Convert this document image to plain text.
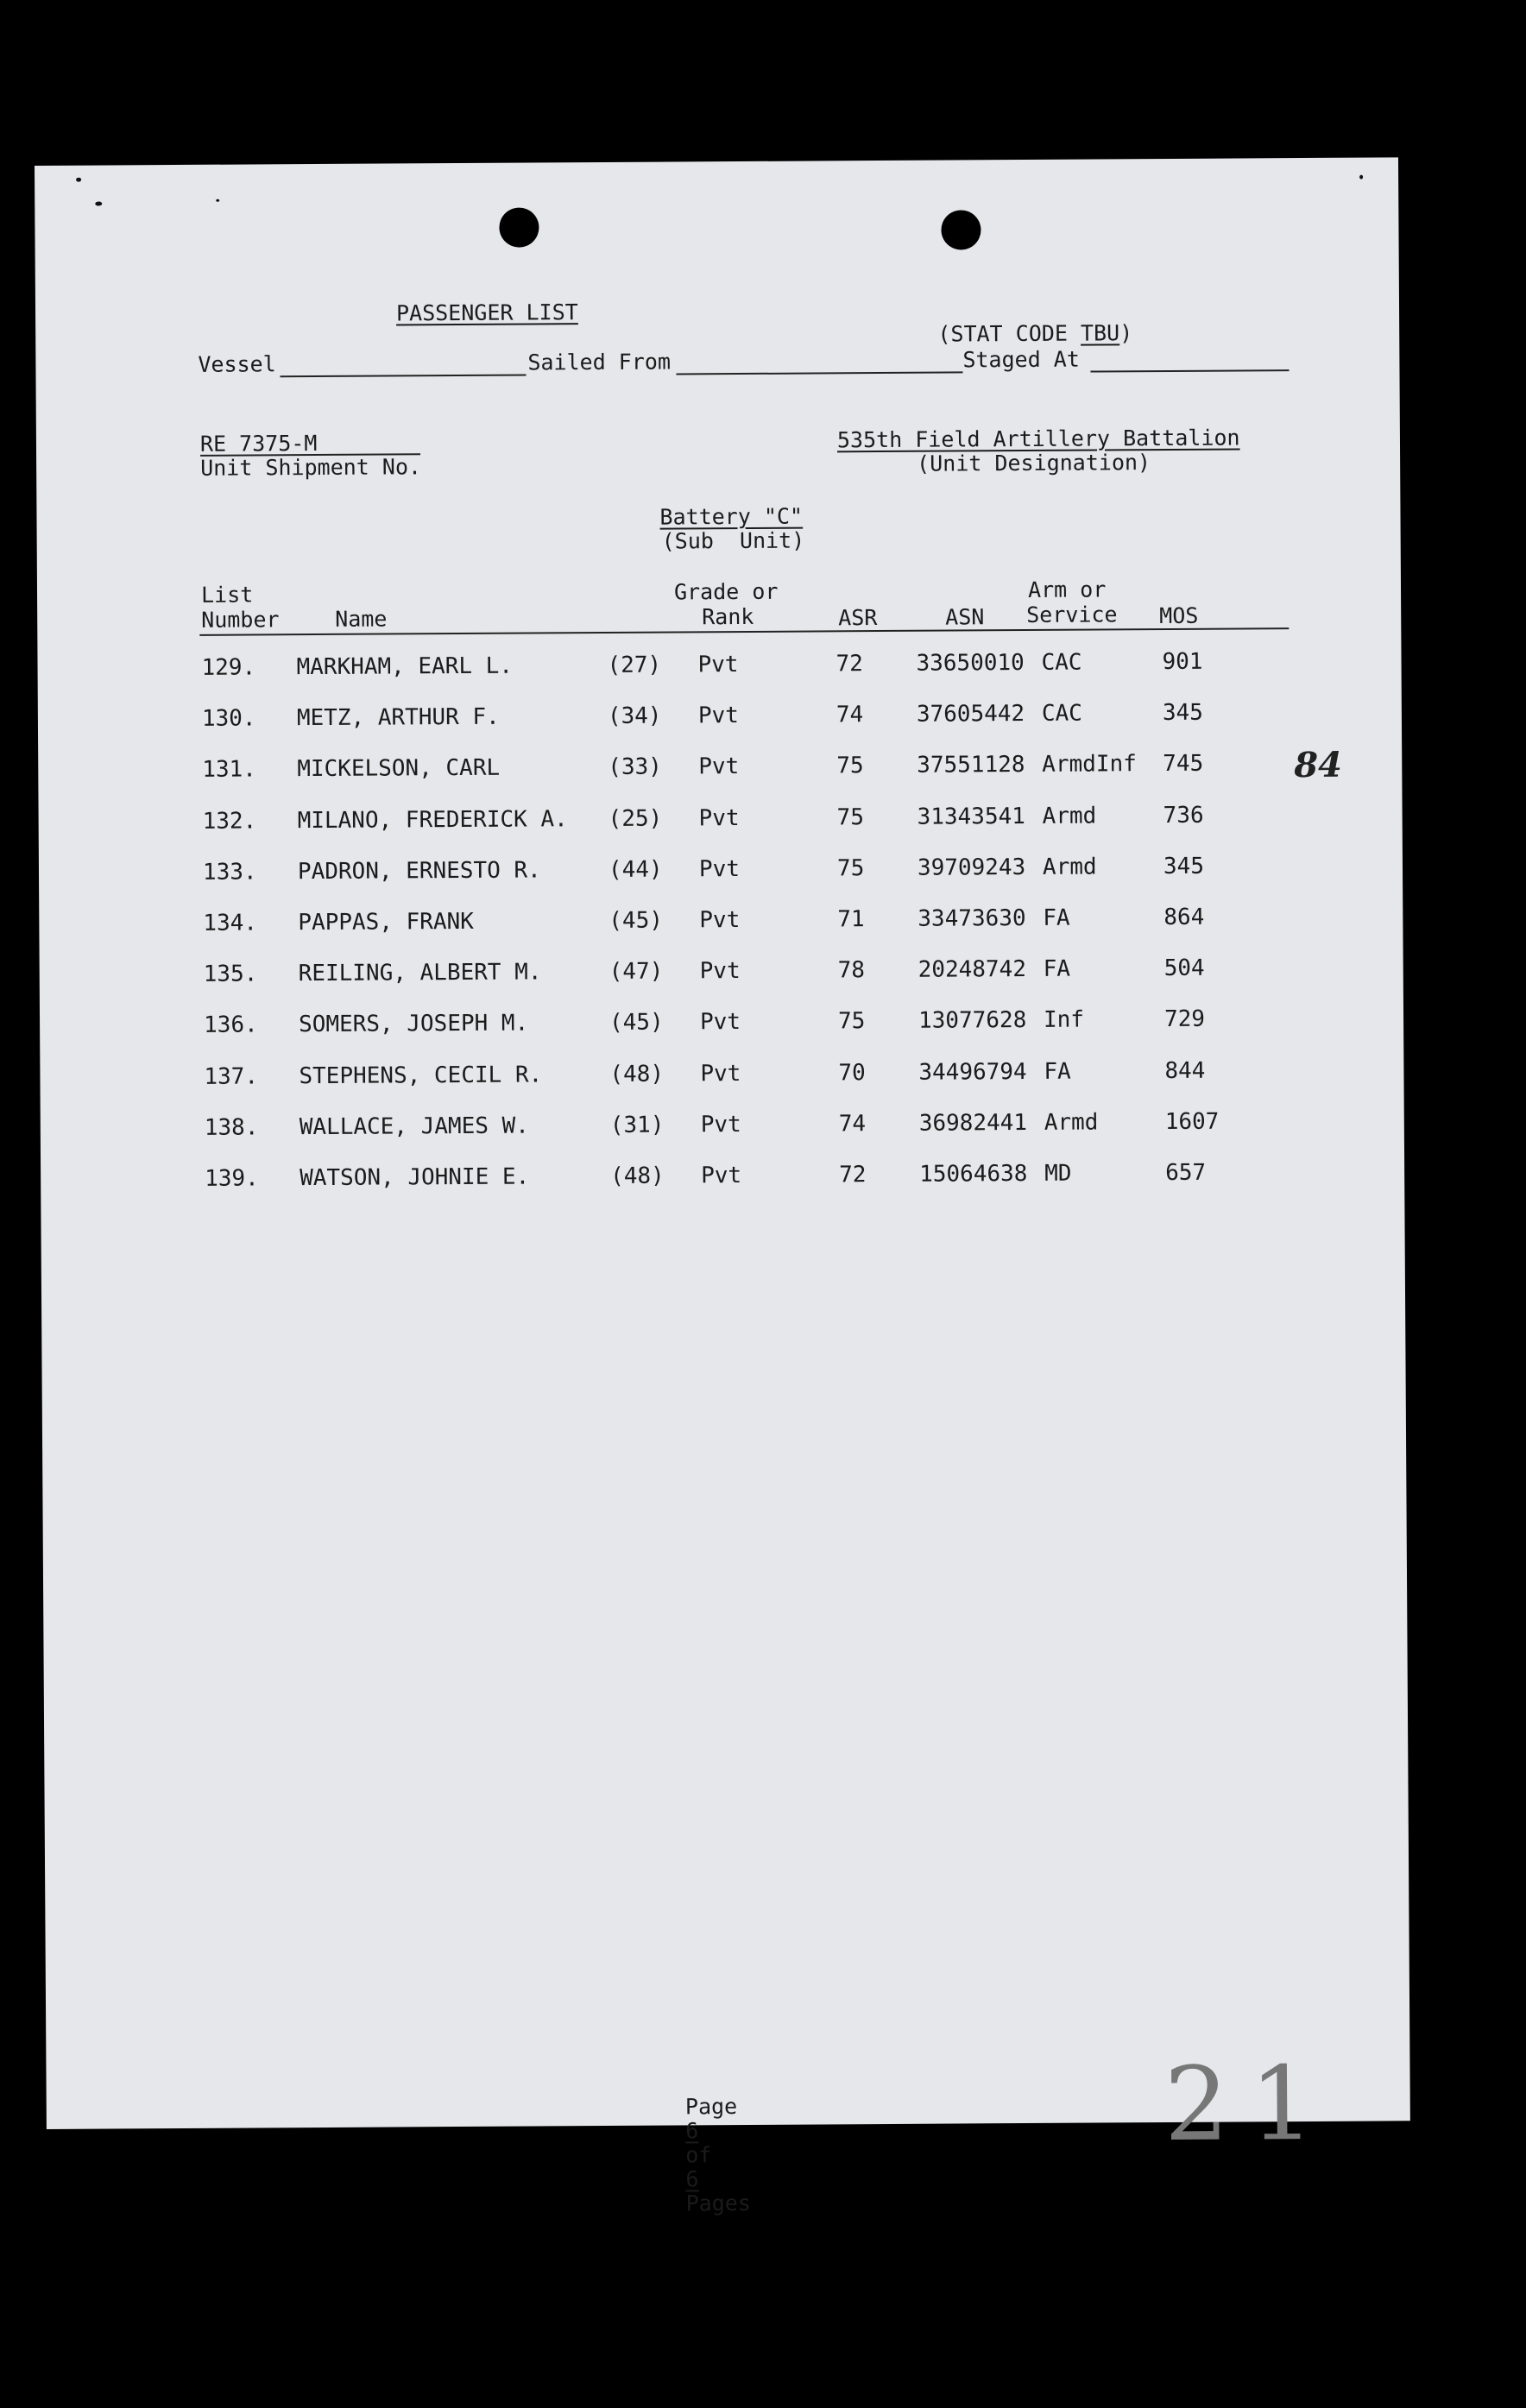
PASSENGER LIST

(STAT CODE TBU)

Vessel	Sailed From	Staged At
RE 7375-M
Unit Shipment No.
535th Field Artillery Battalion
(Unit Designation)
Battery "C"
(Sub  Unit)
List
Number	Name
Grade or
Rank	ASR	ASN
Arm or
Service MOS
129. MARKHAM, EARL L.	(27) Pvt	72 33650010 CAC	901
130. METZ, ARTHUR F.	(34) Pvt	74 37605442 CAC	345
131. MICKELSON, CARL	(33) Pvt	75 37551128 ArmdInf 745
132. MILANO, FREDERICK A. (25) Pvt	75 31343541 Armd	736
133. PADRON, ERNESTO R.	(44) Pvt	75 39709243 Armd	345
134. PAPPAS, FRANK	(45) Pvt	71 33473630 FA	864
135. REILING, ALBERT M.	(47) Pvt	78 20248742 FA	504
136. SOMERS, JOSEPH M.	(45) Pvt	75 13077628 Inf	729
137. STEPHENS, CECIL R.	(48) Pvt	70 34496794 FA	844
138. WALLACE, JAMES W.	(31) Pvt	74 36982441 Armd	1607
139. WATSON, JOHNIE E.	(48) Pvt	72 15064638 MD	657
84
21

Page
6
of
6
Pages
